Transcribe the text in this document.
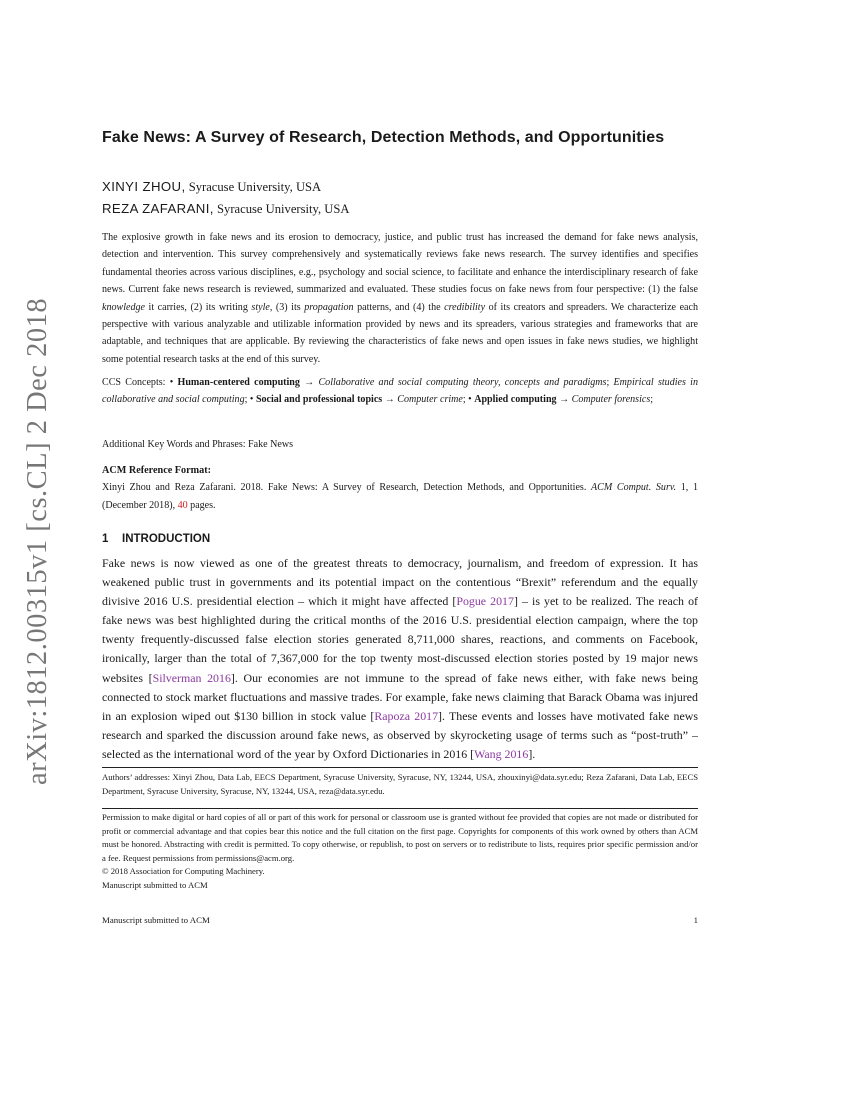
arXiv:1812.00315v1 [cs.CL] 2 Dec 2018
Fake News: A Survey of Research, Detection Methods, and Opportunities
XINYI ZHOU, Syracuse University, USA
REZA ZAFARANI, Syracuse University, USA

The explosive growth in fake news and its erosion to democracy, justice, and public trust has increased the demand for fake news analysis, detection and intervention. This survey comprehensively and systematically reviews fake news research. The survey identifies and specifies fundamental theories across various disciplines, e.g., psychology and social science, to facilitate and enhance the interdisciplinary research of fake news. Current fake news research is reviewed, summarized and evaluated. These studies focus on fake news from four perspective: (1) the false knowledge it carries, (2) its writing style, (3) its propagation patterns, and (4) the credibility of its creators and spreaders. We characterize each perspective with various analyzable and utilizable information provided by news and its spreaders, various strategies and frameworks that are adaptable, and techniques that are applicable. By reviewing the characteristics of fake news and open issues in fake news studies, we highlight some potential research tasks at the end of this survey.

CCS Concepts: • Human-centered computing → Collaborative and social computing theory, concepts and paradigms; Empirical studies in collaborative and social computing; • Social and professional topics → Computer crime; • Applied computing → Computer forensics;

Additional Key Words and Phrases: Fake News
ACM Reference Format:

Xinyi Zhou and Reza Zafarani. 2018. Fake News: A Survey of Research, Detection Methods, and Opportunities. ACM Comput. Surv. 1, 1 (December 2018), 40 pages.

1 INTRODUCTION

Fake news is now viewed as one of the greatest threats to democracy, journalism, and freedom of expression. It has weakened public trust in governments and its potential impact on the contentious “Brexit” referendum and the equally divisive 2016 U.S. presidential election – which it might have affected [Pogue 2017] – is yet to be realized. The reach of fake news was best highlighted during the critical months of the 2016 U.S. presidential election campaign, where the top twenty frequently-discussed false election stories generated 8,711,000 shares, reactions, and comments on Facebook, ironically, larger than the total of 7,367,000 for the top twenty most-discussed election stories posted by 19 major news websites [Silverman 2016]. Our economies are not immune to the spread of fake news either, with fake news being connected to stock market fluctuations and massive trades. For example, fake news claiming that Barack Obama was injured in an explosion wiped out $130 billion in stock value [Rapoza 2017]. These events and losses have motivated fake news research and sparked the discussion around fake news, as observed by skyrocketing usage of terms such as “post-truth” – selected as the international word of the year by Oxford Dictionaries in 2016 [Wang 2016].

Authors’ addresses: Xinyi Zhou, Data Lab, EECS Department, Syracuse University, Syracuse, NY, 13244, USA, zhouxinyi@data.syr.edu; Reza Zafarani, Data Lab, EECS Department, Syracuse University, Syracuse, NY, 13244, USA, reza@data.syr.edu.

Permission to make digital or hard copies of all or part of this work for personal or classroom use is granted without fee provided that copies are not made or distributed for profit or commercial advantage and that copies bear this notice and the full citation on the first page. Copyrights for components of this work owned by others than ACM must be honored. Abstracting with credit is permitted. To copy otherwise, or republish, to post on servers or to redistribute to lists, requires prior specific permission and/or a fee. Request permissions from permissions@acm.org.

© 2018 Association for Computing Machinery.

Manuscript submitted to ACM

Manuscript submitted to ACM	1
